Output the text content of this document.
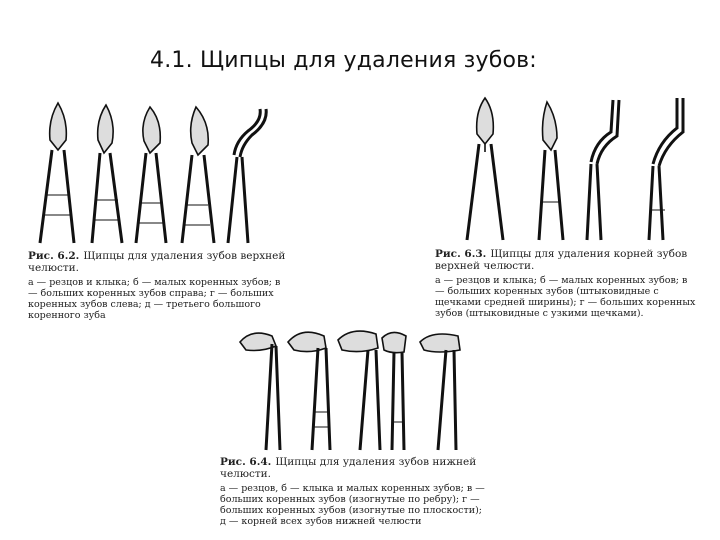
4.1. Щипцы для удаления зубов:
Рис. 6.2. Щипцы для удаления зубов верхней челюсти.
а — резцов и клыка; б — малых коренных зубов; в — больших коренных зубов справа; г — больших коренных зубов слева; д — третьего большого коренного зуба
Рис. 6.3. Щипцы для удаления корней зубов верхней челюсти.
а — резцов и клыка; б — малых коренных зубов; в — больших коренных зубов (штыковидные с щечками средней ширины); г — больших коренных зубов (штыковидные с узкими щечками).
Рис. 6.4. Щипцы для удаления зубов нижней челюсти.
а — резцов, б — клыка и малых коренных зубов; в — больших коренных зубов (изогнутые по ребру); г — больших коренных зубов (изогнутые по плоскости); д — корней всех зубов нижней челюсти
